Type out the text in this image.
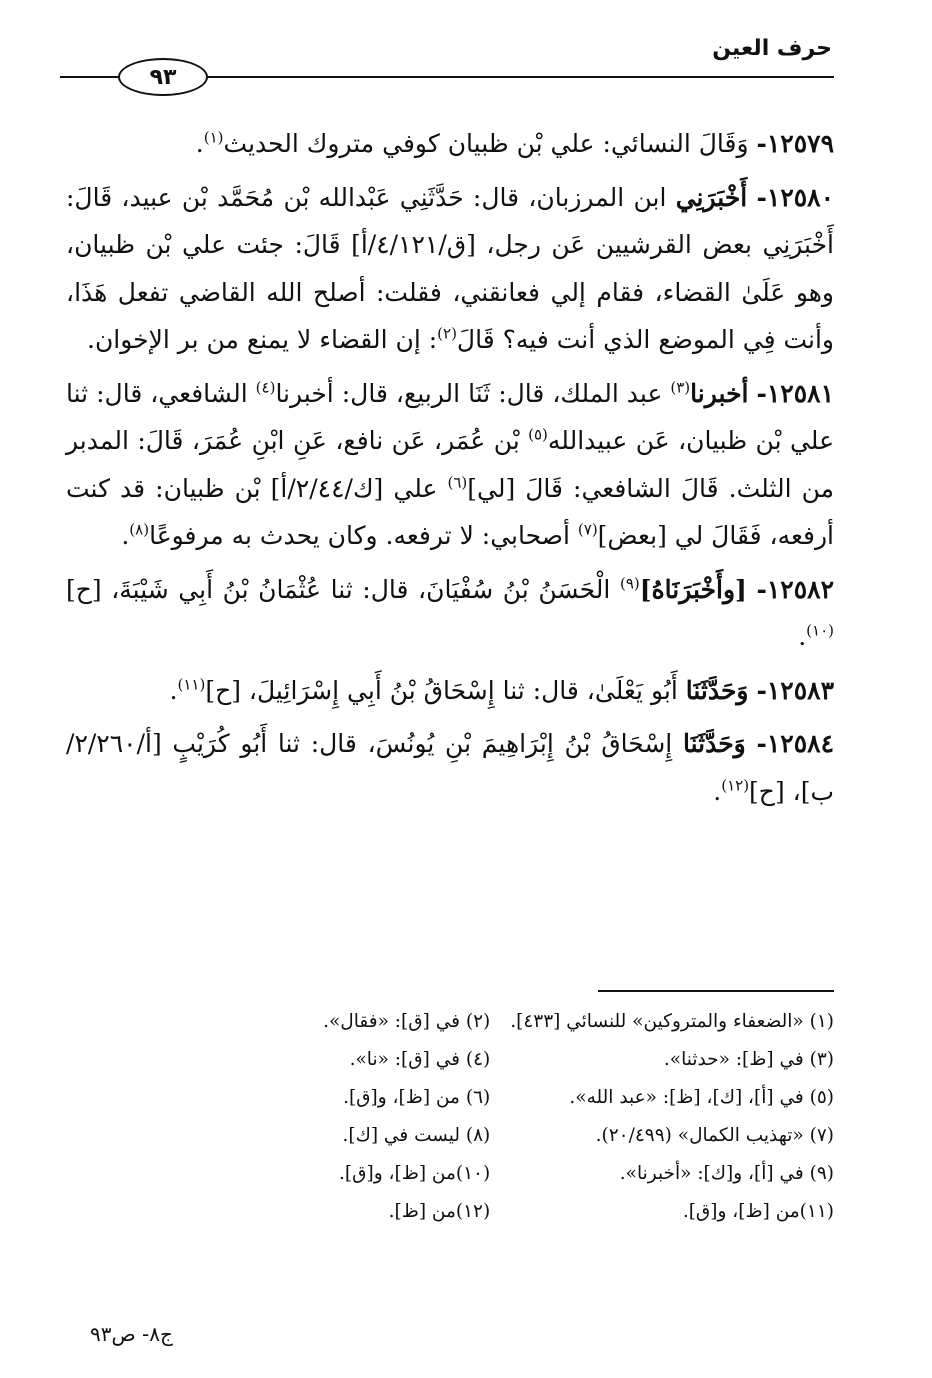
حرف العين
٩٣

١٢٥٧٩- وَقَالَ النسائي: علي بْن ظبيان كوفي متروك الحديث$^{(١)}$.

١٢٥٨٠- أَخْبَرَنِي ابن المرزبان، قال: حَدَّثَنِي عَبْدالله بْن مُحَمَّد بْن عبيد، قَالَ: أَخْبَرَنِي بعض القرشيين عَن رجل، [ق/٤/١٢١/أ] قَالَ: جئت علي بْن ظبيان، وهو عَلَىٰ القضاء، فقام إلي فعانقني، فقلت: أصلح الله القاضي تفعل هَذَا، وأنت فِي الموضع الذي أنت فيه؟ قَالَ$^{(٢)}$: إن القضاء لا يمنع من بر الإخوان.

١٢٥٨١- أخبرنا$^{(٣)}$ عبد الملك، قال: ثَنَا الربيع، قال: أخبرنا$^{(٤)}$ الشافعي، قال: ثنا علي بْن ظبيان، عَن عبيدالله$^{(٥)}$ بْن عُمَر، عَن نافع، عَنِ ابْنِ عُمَرَ، قَالَ: المدبر من الثلث. قَالَ الشافعي: قَالَ [لي]$^{(٦)}$ علي [ك/٢/٤٤/أ] بْن ظبيان: قد كنت أرفعه، فَقَالَ لي [بعض]$^{(٧)}$ أصحابي: لا ترفعه. وكان يحدث به مرفوعًا$^{(٨)}$.

١٢٥٨٢- [وأَخْبَرَنَاهُ]$^{(٩)}$ الْحَسَنُ بْنُ سُفْيَانَ، قال: ثنا عُثْمَانُ بْنُ أَبِي شَيْبَةَ، [ح]$^{(١٠)}$.

١٢٥٨٣- وَحَدَّثَنَا أَبُو يَعْلَىٰ، قال: ثنا إِسْحَاقُ بْنُ أَبِي إِسْرَائِيلَ، [ح]$^{(١١)}$.

١٢٥٨٤- وَحَدَّثَنَا إِسْحَاقُ بْنُ إِبْرَاهِيمَ بْنِ يُونُسَ، قال: ثنا أَبُو كُرَيْبٍ [أ/٢/٢٦٠/ب]، [ح]$^{(١٢)}$.

(١) «الضعفاء والمتروكين» للنسائي [٤٣٣].
(٢) في [ق]: «فقال».
(٣) في [ظ]: «حدثنا».
(٤) في [ق]: «نا».
(٥) في [أ]، [ك]، [ظ]: «عبد الله».
(٦) من [ظ]، و[ق].
(٧) «تهذيب الكمال» (٢٠/٤٩٩).
(٨) ليست في [ك].
(٩) في [أ]، و[ك]: «أخبرنا».
(١٠)من [ظ]، و[ق].
(١١)من [ظ]، و[ق].
(١٢)من [ظ].
ج٨- ص٩٣
